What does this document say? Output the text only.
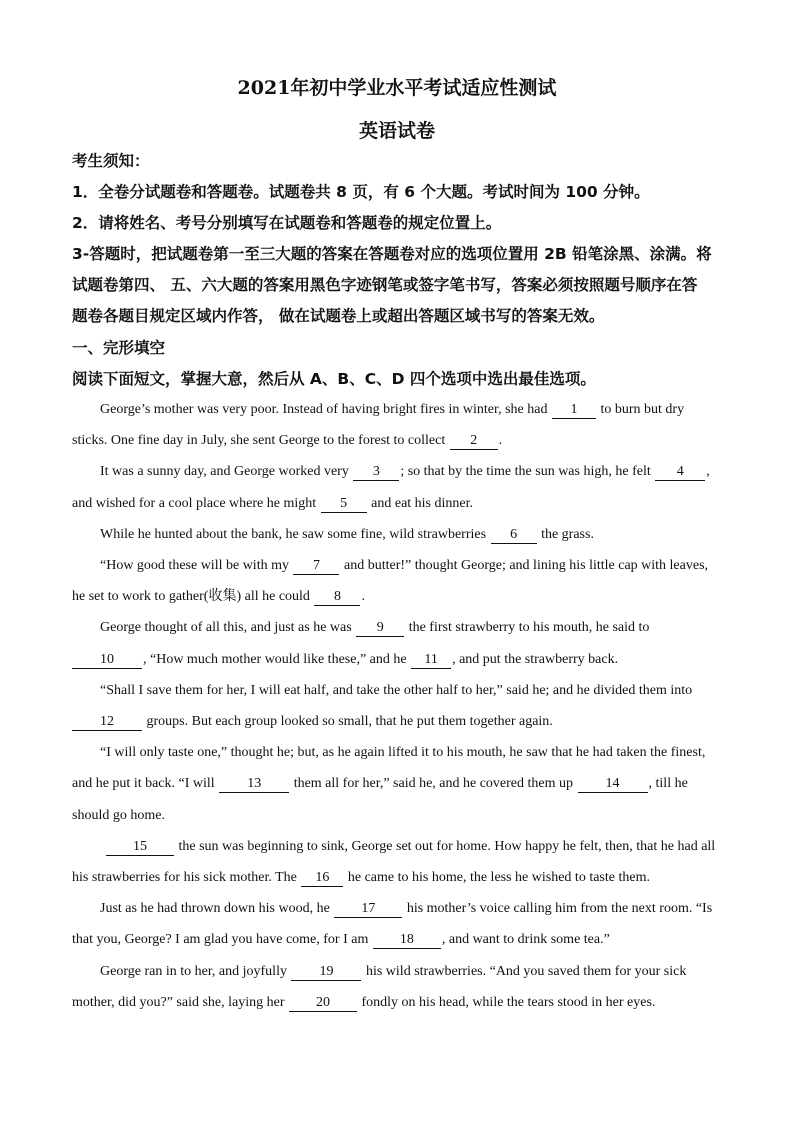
2021年初中学业水平考试适应性测试
英语试卷
考生须知：
1．全卷分试题卷和答题卷。试题卷共 8 页，有 6 个大题。考试时间为 100 分钟。
2．请将姓名、考号分别填写在试题卷和答题卷的规定位置上。
3-答题时，把试题卷第一至三大题的答案在答题卷对应的选项位置用 2B 铅笔涂黑、涂满。将
试题卷第四、 五、六大题的答案用黑色字迹钢笔或签字笔书写，答案必须按照题号顺序在答
题卷各题目规定区域内作答， 做在试题卷上或超出答题区域书写的答案无效。
一、完形填空
阅读下面短文，掌握大意，然后从 A、B、C、D 四个选项中选出最佳选项。
George’s mother was very poor. Instead of having bright fires in winter, she had 1 to burn but dry
sticks. One fine day in July, she sent George to the forest to collect 2 .
It was a sunny day, and George worked very 3 ; so that by the time the sun was high, he felt 4 ,
and wished for a cool place where he might 5 and eat his dinner.
While he hunted about the bank, he saw some fine, wild strawberries 6 the grass.
“How good these will be with my 7 and butter!” thought George; and lining his little cap with leaves,
he set to work to gather(收集) all he could 8 .
George thought of all this, and just as he was 9 the first strawberry to his mouth, he said to
10 , “How much mother would like these,” and he 11 , and put the strawberry back.
“Shall I save them for her, I will eat half, and take the other half to her,” said he; and he divided them into
12 groups. But each group looked so small, that he put them together again.
“I will only taste one,” thought he; but, as he again lifted it to his mouth, he saw that he had taken the finest,
and he put it back. “I will 13 them all for her,” said he, and he covered them up 14 , till he
should go home.
15 the sun was beginning to sink, George set out for home. How happy he felt, then, that he had all
his strawberries for his sick mother. The 16 he came to his home, the less he wished to taste them.
Just as he had thrown down his wood, he 17 his mother’s voice calling him from the next room. “Is
that you, George? I am glad you have come, for I am 18 , and want to drink some tea.”
George ran in to her, and joyfully 19 his wild strawberries. “And you saved them for your sick
mother, did you?” said she, laying her 20 fondly on his head, while the tears stood in her eyes.
